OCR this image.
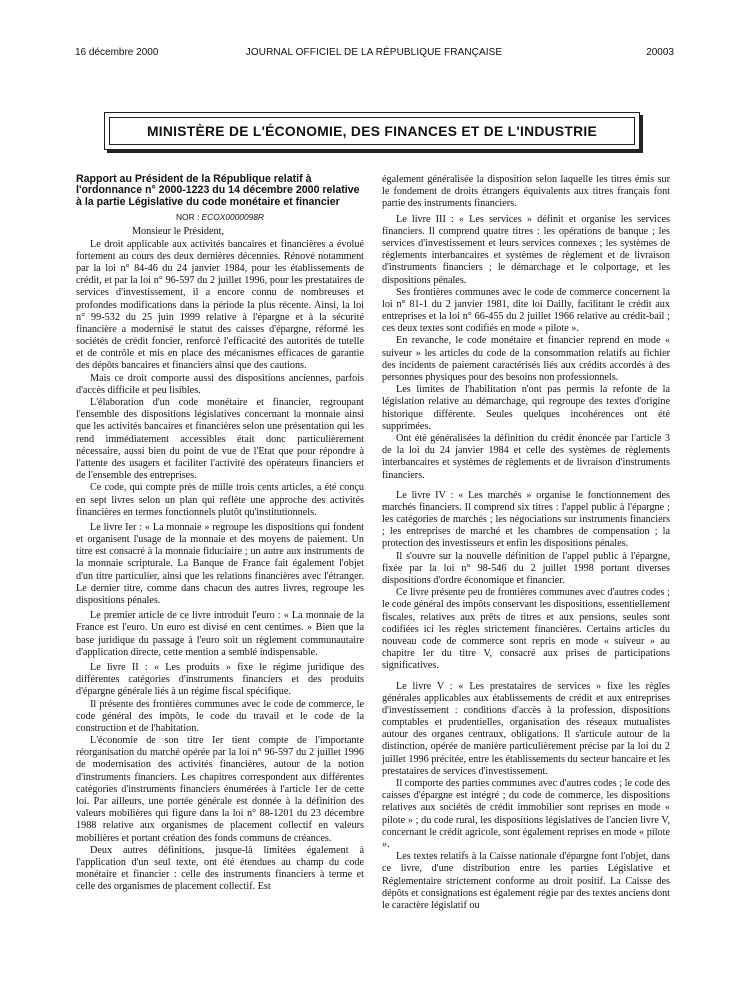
16 décembre 2000	JOURNAL OFFICIEL DE LA RÉPUBLIQUE FRANÇAISE	20003
MINISTÈRE DE L'ÉCONOMIE, DES FINANCES ET DE L'INDUSTRIE
Rapport au Président de la République relatif à l'ordonnance n° 2000-1223 du 14 décembre 2000 relative à la partie Législative du code monétaire et financier
NOR : ECOX0000098R

Monsieur le Président,

Le droit applicable aux activités bancaires et financières a évolué fortement au cours des deux dernières décennies. Rénové notamment par la loi n° 84-46 du 24 janvier 1984, pour les établissements de crédit, et par la loi n° 96-597 du 2 juillet 1996, pour les prestataires de services d'investissement, il a encore connu de nombreuses et profondes modifications dans la période la plus récente. Ainsi, la loi n° 99-532 du 25 juin 1999 relative à l'épargne et à la sécurité financière a modernisé le statut des caisses d'épargne, réformé les sociétés de crédit foncier, renforcé l'efficacité des autorités de tutelle et de contrôle et mis en place des mécanismes efficaces de garantie des dépôts bancaires et financiers ainsi que des cautions.

Mais ce droit comporte aussi des dispositions anciennes, parfois d'accès difficile et peu lisibles.

L'élaboration d'un code monétaire et financier, regroupant l'ensemble des dispositions législatives concernant la monnaie ainsi que les activités bancaires et financières selon une présentation qui les rend immédiatement accessibles était donc particulièrement nécessaire, aussi bien du point de vue de l'Etat que pour répondre à l'attente des usagers et faciliter l'activité des opérateurs financiers et de l'ensemble des entreprises.

Ce code, qui compte près de mille trois cents articles, a été conçu en sept livres selon un plan qui reflète une approche des activités financières en termes fonctionnels plutôt qu'institutionnels.

Le livre Ier : « La monnaie » regroupe les dispositions qui fondent et organisent l'usage de la monnaie et des moyens de paiement. Un titre est consacré à la monnaie fiduciaire ; un autre aux instruments de la monnaie scripturale. La Banque de France fait également l'objet d'un titre particulier, ainsi que les relations financières avec l'étranger. Le dernier titre, comme dans chacun des autres livres, regroupe les dispositions pénales.

Le premier article de ce livre introduit l'euro : « La monnaie de la France est l'euro. Un euro est divisé en cent centimes. » Bien que la base juridique du passage à l'euro soit un règlement communautaire d'application directe, cette mention a semblé indispensable.

Le livre II : « Les produits » fixe le régime juridique des différentes catégories d'instruments financiers et des produits d'épargne générale liés à un régime fiscal spécifique.

Il présente des frontières communes avec le code de commerce, le code général des impôts, le code du travail et le code de la construction et de l'habitation.

L'économie de son titre Ier tient compte de l'importante réorganisation du marché opérée par la loi n° 96-597 du 2 juillet 1996 de modernisation des activités financières, autour de la notion d'instruments financiers. Les chapitres correspondent aux différentes catégories d'instruments financiers énumérées à l'article 1er de cette loi. Par ailleurs, une portée générale est donnée à la définition des valeurs mobilières qui figure dans la loi n° 88-1201 du 23 décembre 1988 relative aux organismes de placement collectif en valeurs mobilières et portant création des fonds communs de créances.

Deux autres définitions, jusque-là limitées également à l'application d'un seul texte, ont été étendues au champ du code monétaire et financier : celle des instruments financiers à terme et celle des organismes de placement collectif. Est

également généralisée la disposition selon laquelle les titres émis sur le fondement de droits étrangers équivalents aux titres français font partie des instruments financiers.

Le livre III : « Les services » définit et organise les services financiers. Il comprend quatre titres : les opérations de banque ; les services d'investissement et leurs services connexes ; les systèmes de règlements interbancaires et systèmes de règlement et de livraison d'instruments financiers ; le démarchage et le colportage, et les dispositions pénales.

Ses frontières communes avec le code de commerce concernent la loi n° 81-1 du 2 janvier 1981, dite loi Dailly, facilitant le crédit aux entreprises et la loi n° 66-455 du 2 juillet 1966 relative au crédit-bail ; ces deux textes sont codifiés en mode « pilote ».

En revanche, le code monétaire et financier reprend en mode « suiveur » les articles du code de la consommation relatifs au fichier des incidents de paiement caractérisés liés aux crédits accordés à des personnes physiques pour des besoins non professionnels.

Les limites de l'habilitation n'ont pas permis la refonte de la législation relative au démarchage, qui regroupe des textes d'origine historique différente. Seules quelques incohérences ont été supprimées.

Ont été généralisées la définition du crédit énoncée par l'article 3 de la loi du 24 janvier 1984 et celle des systèmes de règlements interbancaires et systèmes de règlements et de livraison d'instruments financiers.

Le livre IV : « Les marchés » organise le fonctionnement des marchés financiers. Il comprend six titres : l'appel public à l'épargne ; les catégories de marchés ; les négociations sur instruments financiers ; les entreprises de marché et les chambres de compensation ; la protection des investisseurs et enfin les dispositions pénales.

Il s'ouvre sur la nouvelle définition de l'appel public à l'épargne, fixée par la loi n° 98-546 du 2 juillet 1998 portant diverses dispositions d'ordre économique et financier.

Ce livre présente peu de frontières communes avec d'autres codes ; le code général des impôts conservant les dispositions, essentiellement fiscales, relatives aux prêts de titres et aux pensions, seules sont codifiées ici les règles strictement financières. Certains articles du nouveau code de commerce sont repris en mode « suiveur » au chapitre Ier du titre V, consacré aux prises de participations significatives.

Le livre V : « Les prestataires de services » fixe les règles générales applicables aux établissements de crédit et aux entreprises d'investissement : conditions d'accès à la profession, dispositions comptables et prudentielles, organisation des réseaux mutualistes autour des organes centraux, obligations. Il s'articule autour de la distinction, opérée de manière particulièrement précise par la loi du 2 juillet 1996 précitée, entre les établissements du secteur bancaire et les prestataires de services d'investissement.

Il comporte des parties communes avec d'autres codes ; le code des caisses d'épargne est intégré ; du code de commerce, les dispositions relatives aux sociétés de crédit immobilier sont reprises en mode « pilote » ; du code rural, les dispositions législatives de l'ancien livre V, concernant le crédit agricole, sont également reprises en mode « pilote ».

Les textes relatifs à la Caisse nationale d'épargne font l'objet, dans ce livre, d'une distribution entre les parties Législative et Réglementaire strictement conforme au droit positif. La Caisse des dépôts et consignations est également régie par des textes anciens dont le caractère législatif ou
